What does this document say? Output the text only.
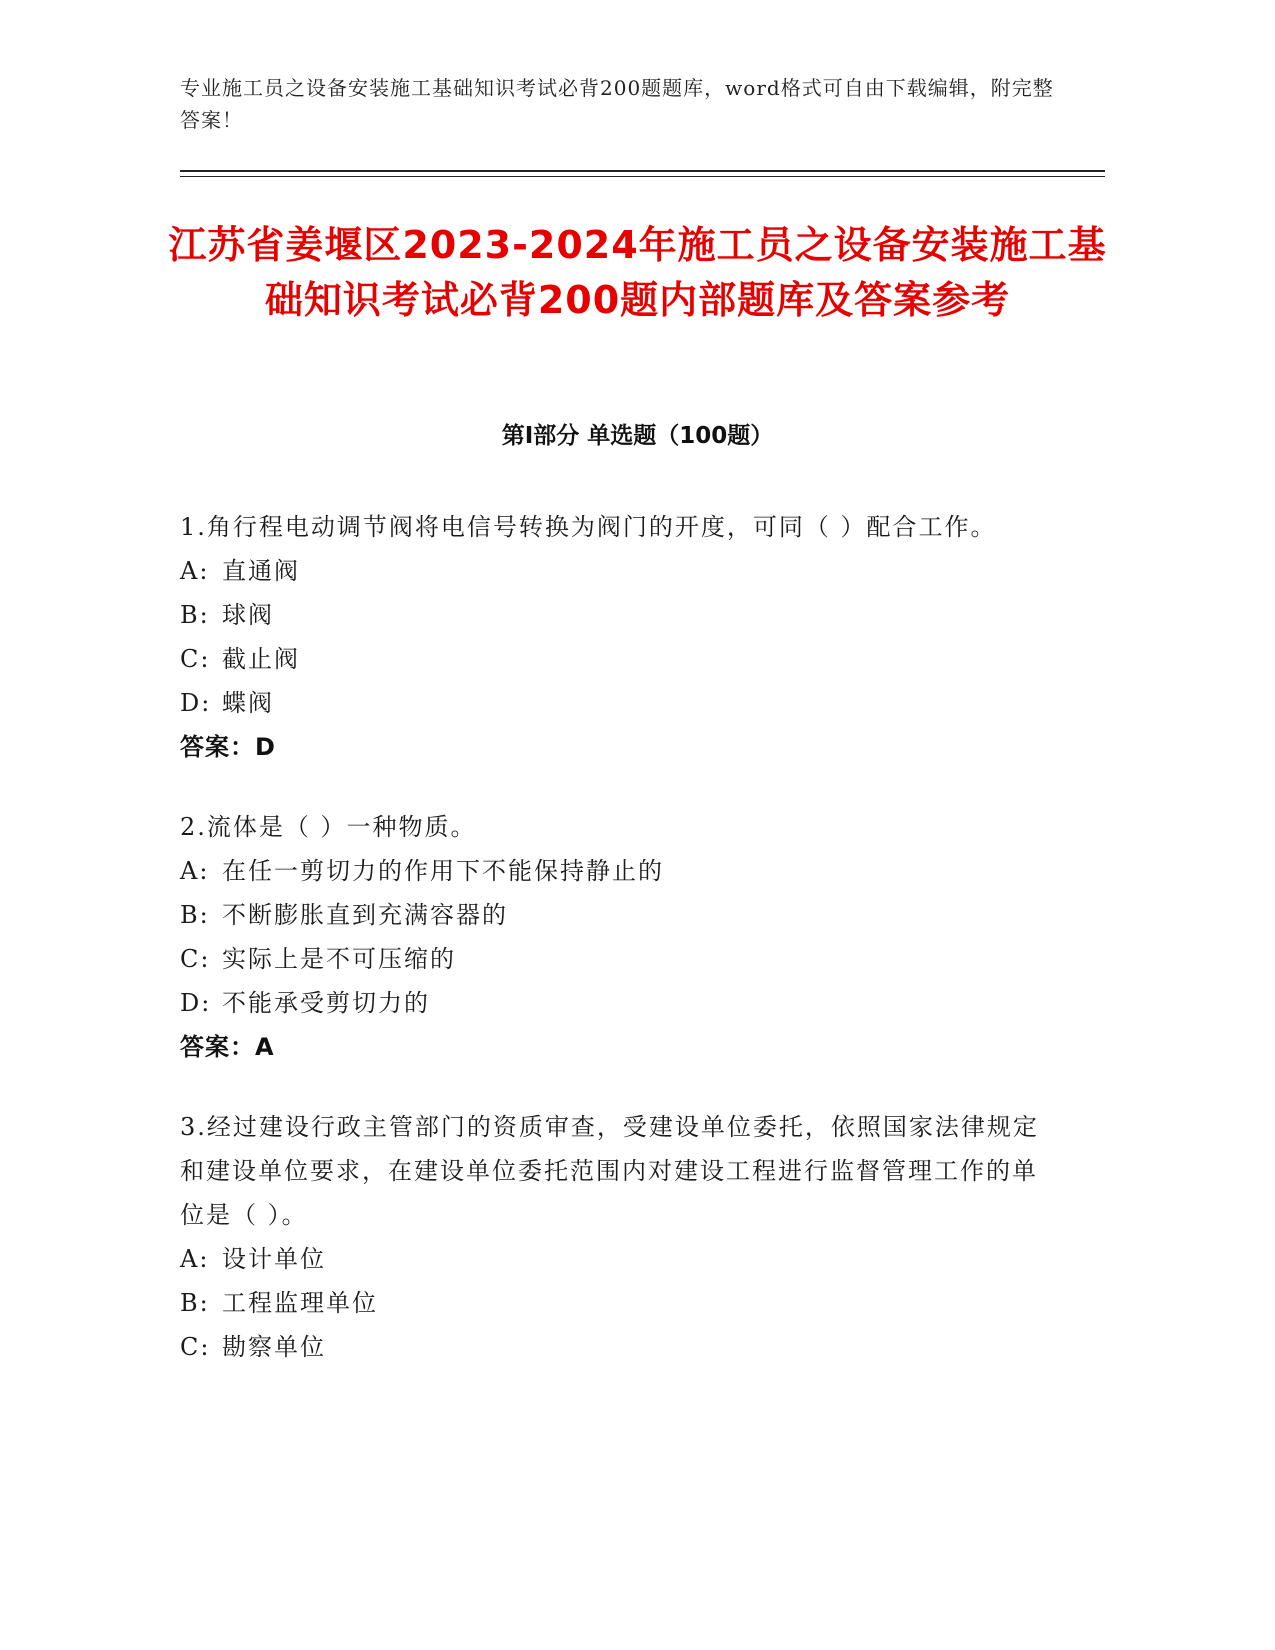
专业施工员之设备安装施工基础知识考试必背200题题库，word格式可自由下载编辑，附完整答案！
江苏省姜堰区2023-2024年施工员之设备安装施工基础知识考试必背200题内部题库及答案参考
第I部分 单选题（100题）

1.角行程电动调节阀将电信号转换为阀门的开度，可同（ ）配合工作。

A: 直通阀

B: 球阀

C: 截止阀

D: 蝶阀

答案：D

2.流体是（ ）一种物质。

A: 在任一剪切力的作用下不能保持静止的

B: 不断膨胀直到充满容器的

C: 实际上是不可压缩的

D: 不能承受剪切力的

答案：A

3.经过建设行政主管部门的资质审查，受建设单位委托，依照国家法律规定和建设单位要求，在建设单位委托范围内对建设工程进行监督管理工作的单位是（ ）。

A: 设计单位

B: 工程监理单位

C: 勘察单位
